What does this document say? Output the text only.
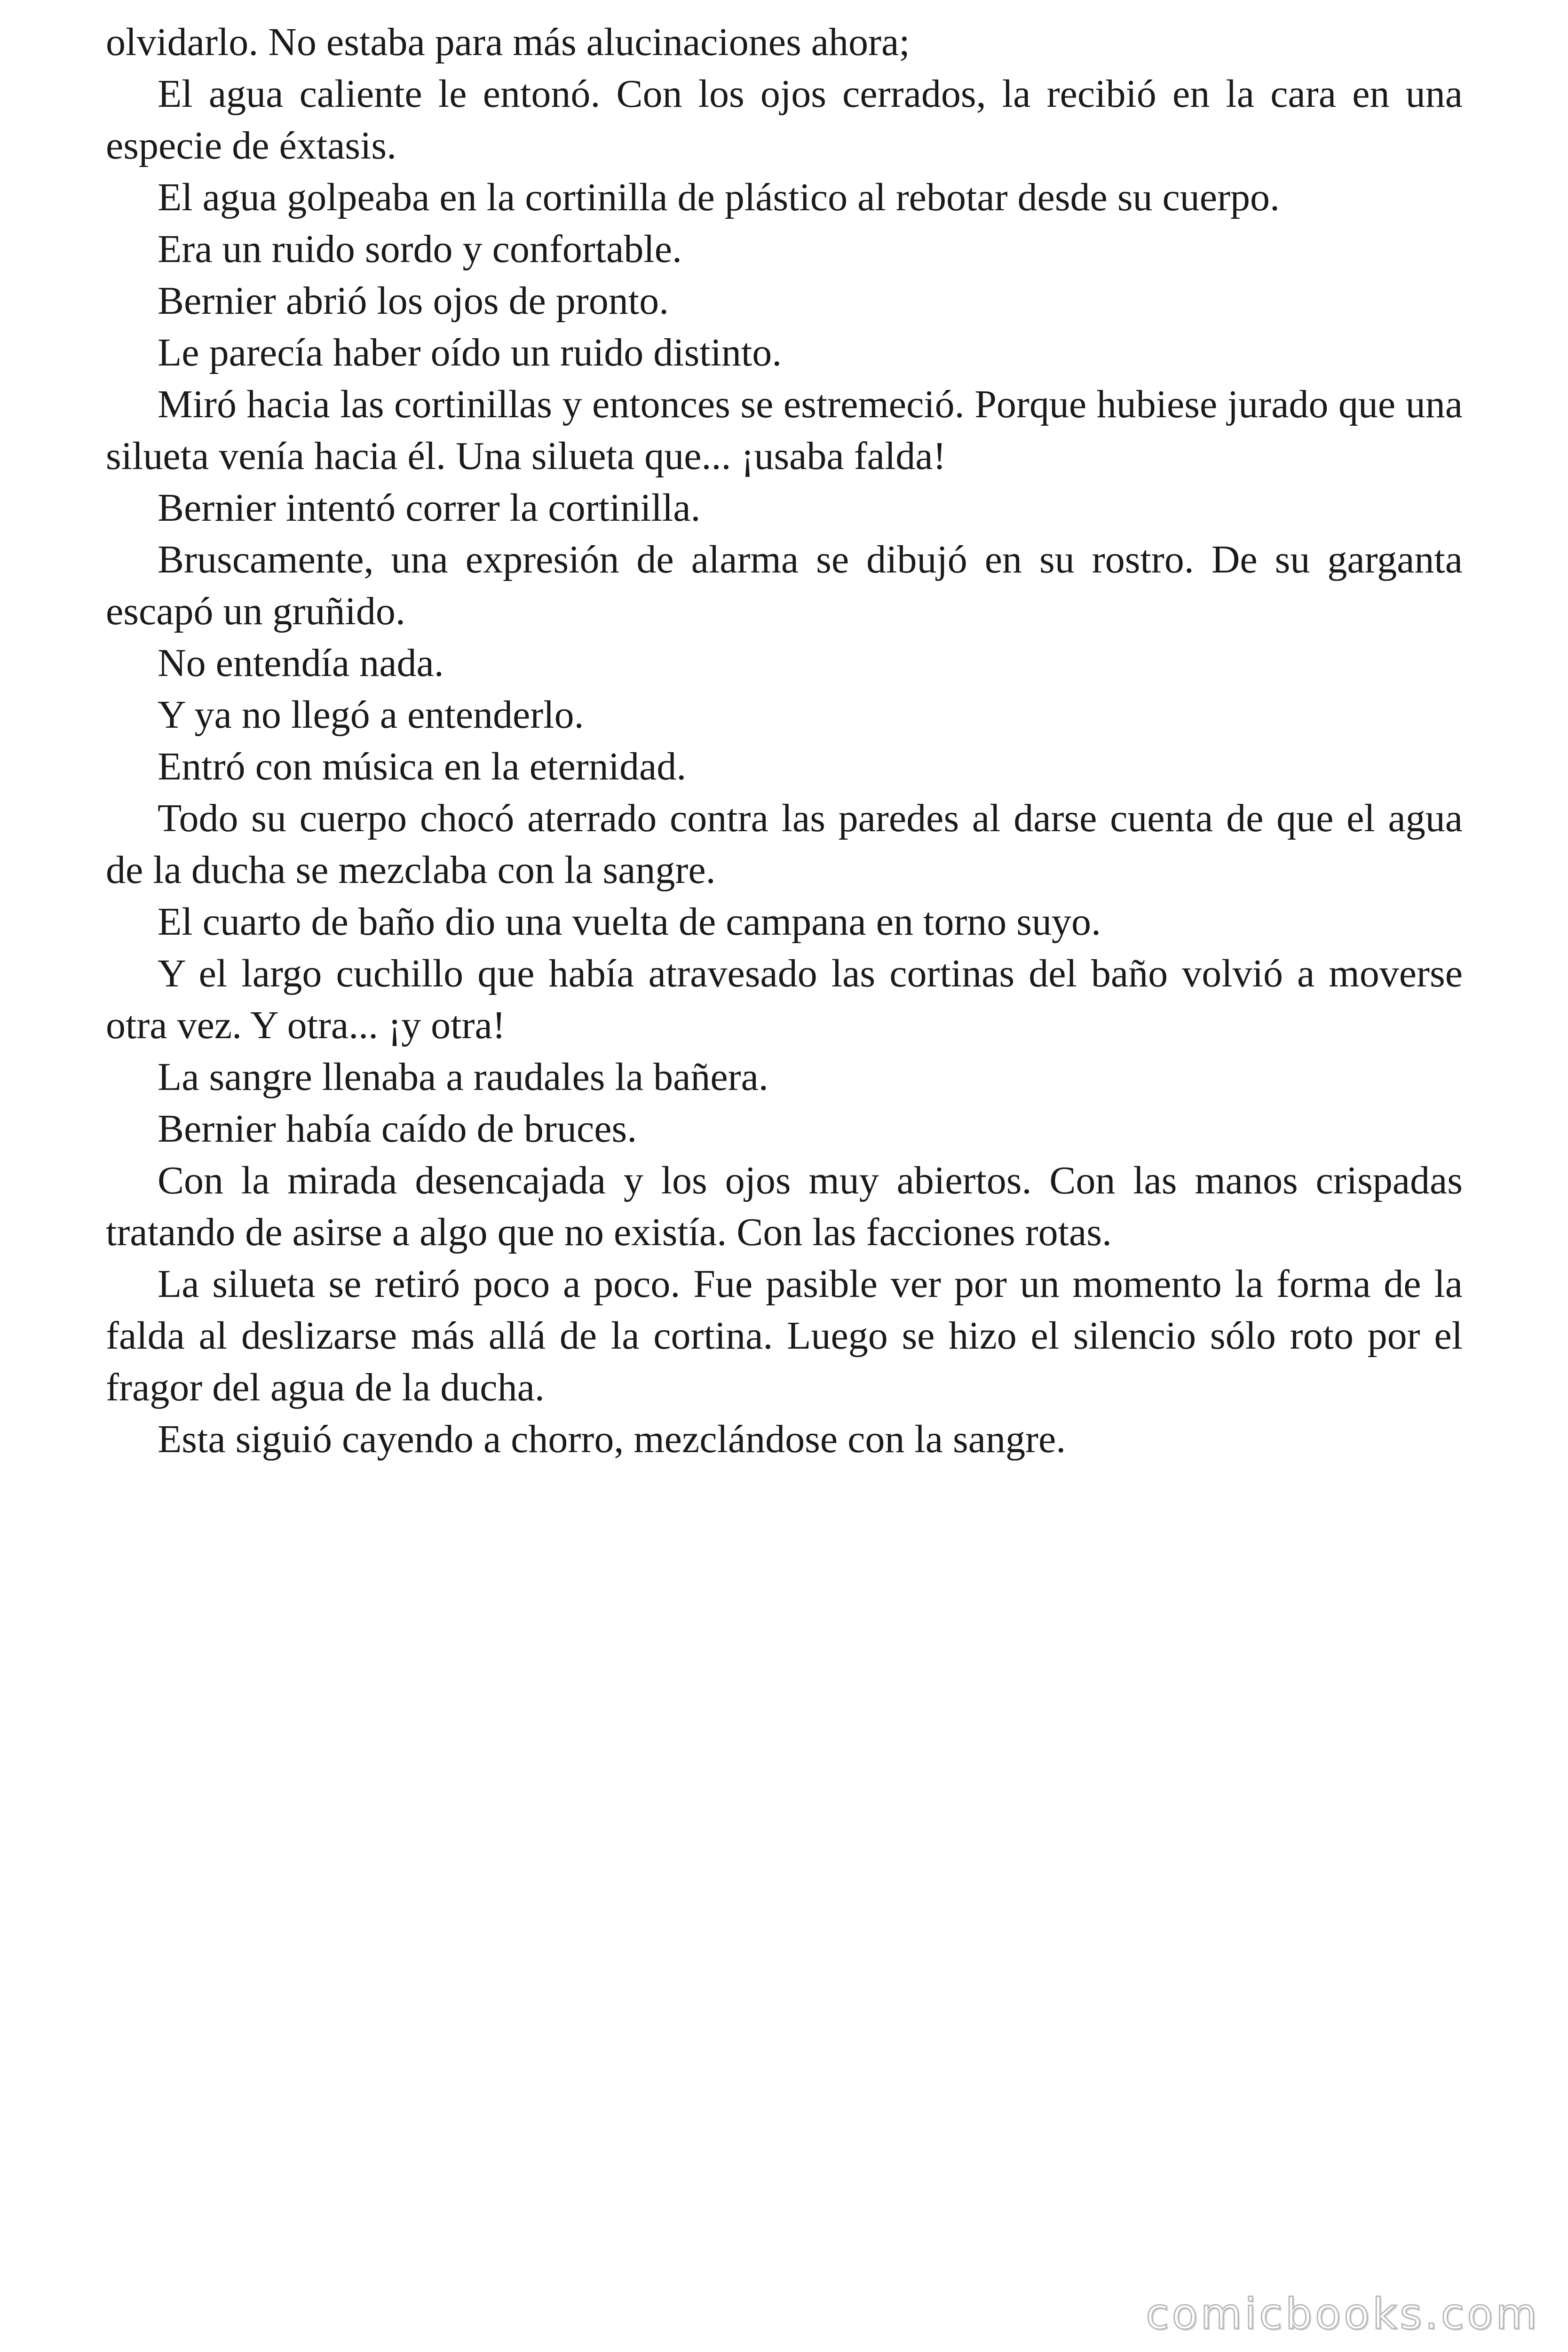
olvidarlo. No estaba para más alucinaciones ahora;

El agua caliente le entonó. Con los ojos cerrados, la recibió en la cara en una especie de éxtasis.

El agua golpeaba en la cortinilla de plástico al rebotar desde su cuerpo.

Era un ruido sordo y confortable.

Bernier abrió los ojos de pronto.

Le parecía haber oído un ruido distinto.

Miró hacia las cortinillas y entonces se estremeció. Porque hubiese jurado que una silueta venía hacia él. Una silueta que... ¡usaba falda!

Bernier intentó correr la cortinilla.

Bruscamente, una expresión de alarma se dibujó en su rostro. De su garganta escapó un gruñido.

No entendía nada.

Y ya no llegó a entenderlo.

Entró con música en la eternidad.

Todo su cuerpo chocó aterrado contra las paredes al darse cuenta de que el agua de la ducha se mezclaba con la sangre.

El cuarto de baño dio una vuelta de campana en torno suyo.

Y el largo cuchillo que había atravesado las cortinas del baño volvió a moverse otra vez. Y otra... ¡y otra!

La sangre llenaba a raudales la bañera.

Bernier había caído de bruces.

Con la mirada desencajada y los ojos muy abiertos. Con las manos crispadas tratando de asirse a algo que no existía. Con las facciones rotas.

La silueta se retiró poco a poco. Fue pasible ver por un momento la forma de la falda al deslizarse más allá de la cortina. Luego se hizo el silencio sólo roto por el fragor del agua de la ducha.

Esta siguió cayendo a chorro, mezclándose con la sangre.

comicbooks.com
